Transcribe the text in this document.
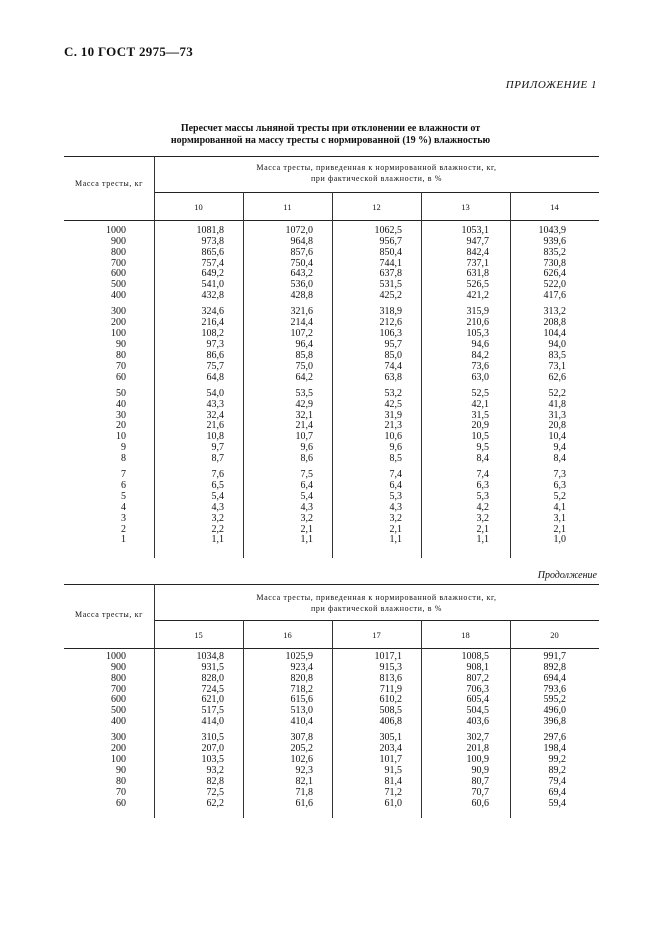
С. 10 ГОСТ 2975—73
ПРИЛОЖЕНИЕ 1
Пересчет массы льняной тресты при отклонении ее влажности от
нормированной на массу тресты с нормированной (19 %) влажностью
Масса тресты, кг
Масса тресты, приведенная к нормированной влажности, кг,
при фактической влажности, в %
10	11	12	13	14
1000	1081,8	1072,0	1062,5	1053,1	1043,9
900	973,8	964,8	956,7	947,7	939,6
800	865,6	857,6	850,4	842,4	835,2
700	757,4	750,4	744,1	737,1	730,8
600	649,2	643,2	637,8	631,8	626,4
500	541,0	536,0	531,5	526,5	522,0
400	432,8	428,8	425,2	421,2	417,6
300	324,6	321,6	318,9	315,9	313,2
200	216,4	214,4	212,6	210,6	208,8
100	108,2	107,2	106,3	105,3	104,4
90	97,3	96,4	95,7	94,6	94,0
80	86,6	85,8	85,0	84,2	83,5
70	75,7	75,0	74,4	73,6	73,1
60	64,8	64,2	63,8	63,0	62,6
50	54,0	53,5	53,2	52,5	52,2
40	43,3	42,9	42,5	42,1	41,8
30	32,4	32,1	31,9	31,5	31,3
20	21,6	21,4	21,3	20,9	20,8
10	10,8	10,7	10,6	10,5	10,4
9	9,7	9,6	9,6	9,5	9,4
8	8,7	8,6	8,5	8,4	8,4
7	7,6	7,5	7,4	7,4	7,3
6	6,5	6,4	6,4	6,3	6,3
5	5,4	5,4	5,3	5,3	5,2
4	4,3	4,3	4,3	4,2	4,1
3	3,2	3,2	3,2	3,2	3,1
2	2,2	2,1	2,1	2,1	2,1
1	1,1	1,1	1,1	1,1	1,0
Продолжение
Масса тресты, кг
Масса тресты, приведенная к нормированной влажности, кг,
при фактической влажности, в %
15	16	17	18	20
1000	1034,8	1025,9	1017,1	1008,5	991,7
900	931,5	923,4	915,3	908,1	892,8
800	828,0	820,8	813,6	807,2	694,4
700	724,5	718,2	711,9	706,3	793,6
600	621,0	615,6	610,2	605,4	595,2
500	517,5	513,0	508,5	504,5	496,0
400	414,0	410,4	406,8	403,6	396,8
300	310,5	307,8	305,1	302,7	297,6
200	207,0	205,2	203,4	201,8	198,4
100	103,5	102,6	101,7	100,9	99,2
90	93,2	92,3	91,5	90,9	89,2
80	82,8	82,1	81,4	80,7	79,4
70	72,5	71,8	71,2	70,7	69,4
60	62,2	61,6	61,0	60,6	59,4
